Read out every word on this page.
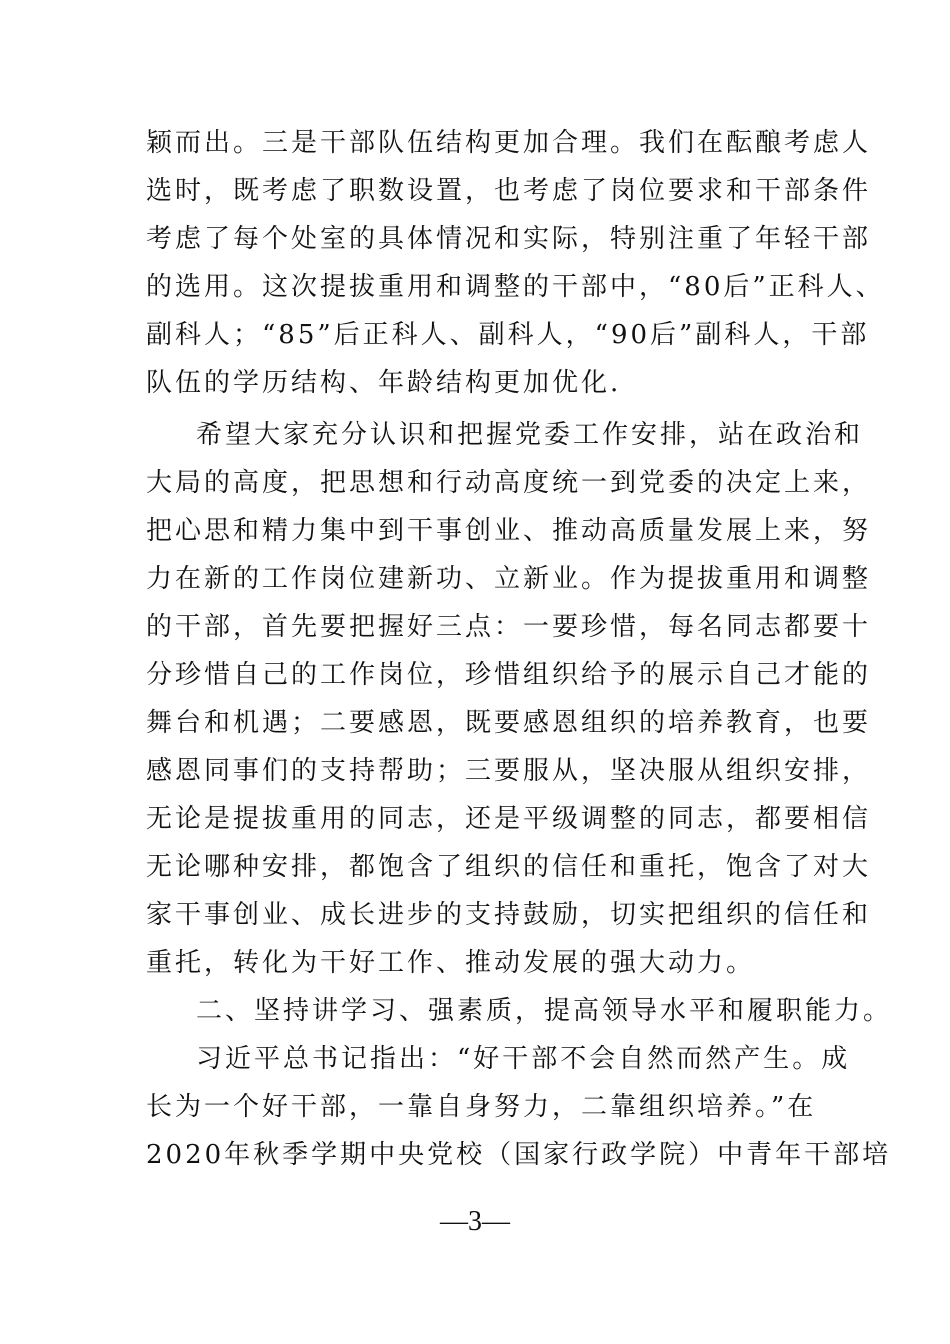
颖而出。三是干部队伍结构更加合理。我们在酝酿考虑人
选时，既考虑了职数设置，也考虑了岗位要求和干部条件
考虑了每个处室的具体情况和实际，特别注重了年轻干部
的选用。这次提拔重用和调整的干部中，“80后”正科人、
副科人；“85”后正科人、副科人，“90后”副科人，干部
队伍的学历结构、年龄结构更加优化.
希望大家充分认识和把握党委工作安排，站在政治和
大局的高度，把思想和行动高度统一到党委的决定上来，
把心思和精力集中到干事创业、推动高质量发展上来，努
力在新的工作岗位建新功、立新业。作为提拔重用和调整
的干部，首先要把握好三点：一要珍惜，每名同志都要十
分珍惜自己的工作岗位，珍惜组织给予的展示自己才能的
舞台和机遇；二要感恩，既要感恩组织的培养教育，也要
感恩同事们的支持帮助；三要服从，坚决服从组织安排，
无论是提拔重用的同志，还是平级调整的同志，都要相信
无论哪种安排，都饱含了组织的信任和重托，饱含了对大
家干事创业、成长进步的支持鼓励，切实把组织的信任和
重托，转化为干好工作、推动发展的强大动力。
二、坚持讲学习、强素质，提高领导水平和履职能力。
习近平总书记指出：“好干部不会自然而然产生。成
长为一个好干部，一靠自身努力，二靠组织培养。”在
2020年秋季学期中央党校（国家行政学院）中青年干部培
—3—
